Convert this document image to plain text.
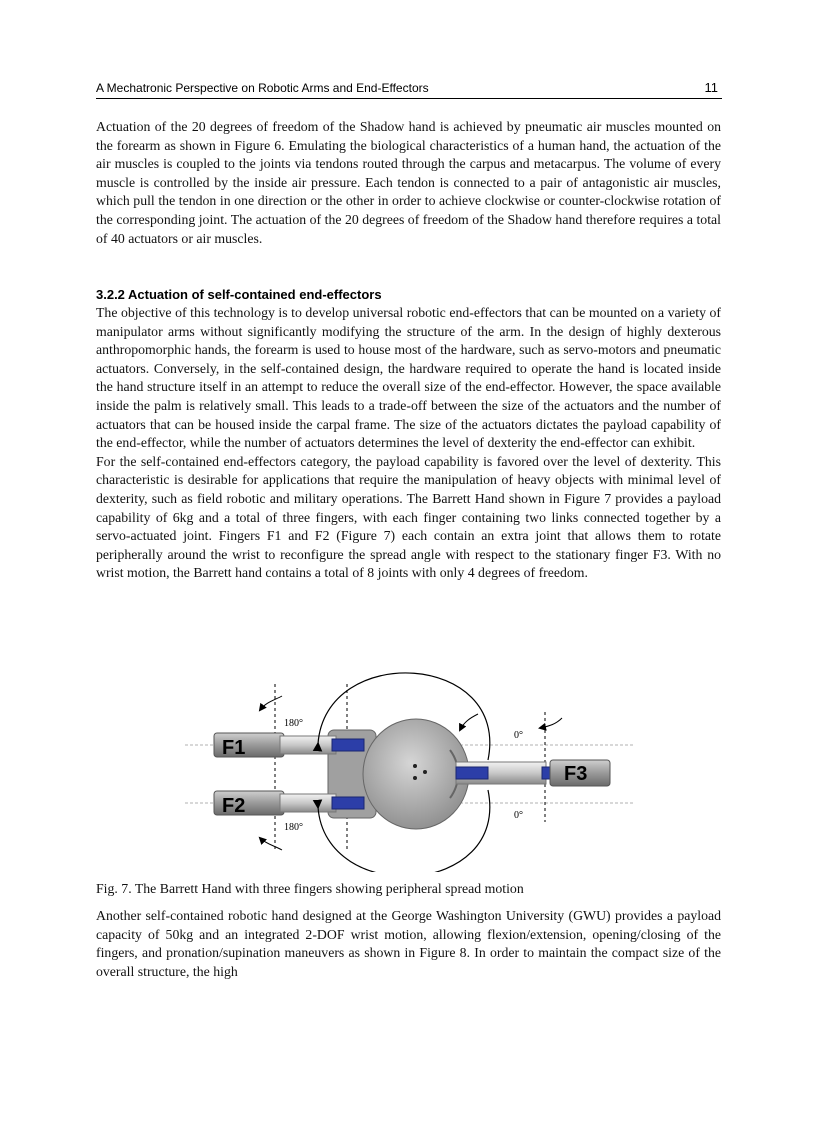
A Mechatronic Perspective on Robotic Arms and End-Effectors	11

Actuation of the 20 degrees of freedom of the Shadow hand is achieved by pneumatic air muscles mounted on the forearm as shown in Figure 6. Emulating the biological characteristics of a human hand, the actuation of the air muscles is coupled to the joints via tendons routed through the carpus and metacarpus. The volume of every muscle is controlled by the inside air pressure. Each tendon is connected to a pair of antagonistic air muscles, which pull the tendon in one direction or the other in order to achieve clockwise or counter-clockwise rotation of the corresponding joint. The actuation of the 20 degrees of freedom of the Shadow hand therefore requires a total of 40 actuators or air muscles.

3.2.2 Actuation of self-contained end-effectors

The objective of this technology is to develop universal robotic end-effectors that can be mounted on a variety of manipulator arms without significantly modifying the structure of the arm. In the design of highly dexterous anthropomorphic hands, the forearm is used to house most of the hardware, such as servo-motors and pneumatic actuators. Conversely, in the self-contained design, the hardware required to operate the hand is located inside the hand structure itself in an attempt to reduce the overall size of the end-effector. However, the space available inside the palm is relatively small. This leads to a trade-off between the size of the actuators and the number of actuators that can be housed inside the carpal frame. The size of the actuators dictates the payload capability of the end-effector, while the number of actuators determines the level of dexterity the end-effector can exhibit.

For the self-contained end-effectors category, the payload capability is favored over the level of dexterity. This characteristic is desirable for applications that require the manipulation of heavy objects with minimal level of dexterity, such as field robotic and military operations. The Barrett Hand shown in Figure 7 provides a payload capability of 6kg and a total of three fingers, with each finger containing two links connected together by a servo-actuated joint. Fingers F1 and F2 (Figure 7) each contain an extra joint that allows them to rotate peripherally around the wrist to reconfigure the spread angle with respect to the stationary finger F3. With no wrist motion, the Barrett hand contains a total of 8 joints with only 4 degrees of freedom.

F1
F2
F3
180°
180°
0°
0°
Fig. 7. The Barrett Hand with three fingers showing peripheral spread motion

Another self-contained robotic hand designed at the George Washington University (GWU) provides a payload capacity of 50kg and an integrated 2-DOF wrist motion, allowing flexion/extension, opening/closing of the fingers, and pronation/supination maneuvers as shown in Figure 8. In order to maintain the compact size of the overall structure, the high
